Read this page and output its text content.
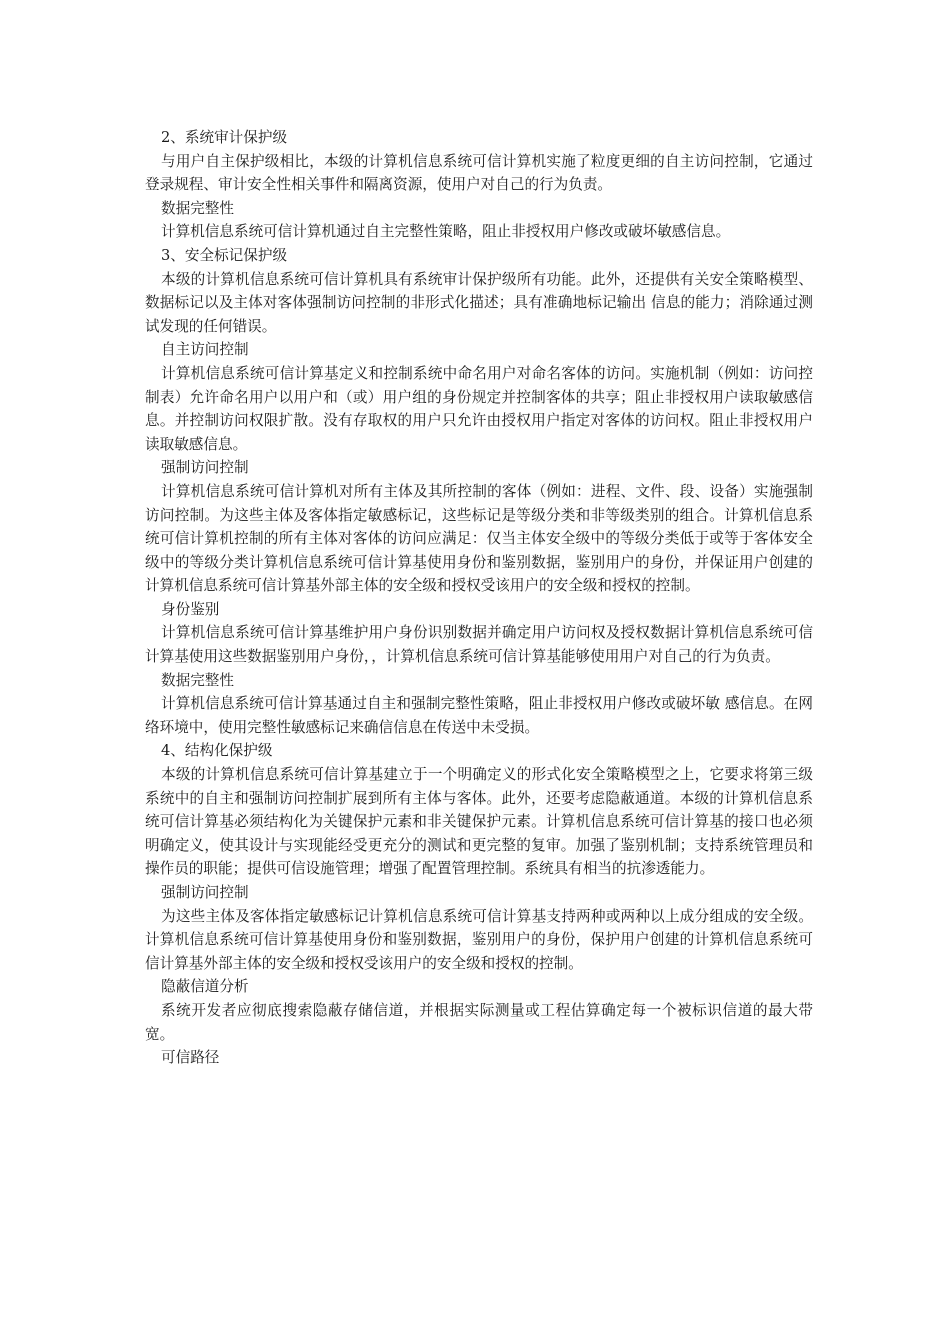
2、系统审计保护级

与用户自主保护级相比，本级的计算机信息系统可信计算机实施了粒度更细的自主访问控制，它通过登录规程、审计安全性相关事件和隔离资源，使用户对自己的行为负责。

数据完整性

计算机信息系统可信计算机通过自主完整性策略，阻止非授权用户修改或破坏敏感信息。

3、安全标记保护级

本级的计算机信息系统可信计算机具有系统审计保护级所有功能。此外，还提供有关安全策略模型、数据标记以及主体对客体强制访问控制的非形式化描述；具有准确地标记输出 信息的能力；消除通过测试发现的任何错误。

自主访问控制

计算机信息系统可信计算基定义和控制系统中命名用户对命名客体的访问。实施机制（例如：访问控制表）允许命名用户以用户和（或）用户组的身份规定并控制客体的共享；阻止非授权用户读取敏感信息。并控制访问权限扩散。没有存取权的用户只允许由授权用户指定对客体的访问权。阻止非授权用户读取敏感信息。

强制访问控制

计算机信息系统可信计算机对所有主体及其所控制的客体（例如：进程、文件、段、设备）实施强制访问控制。为这些主体及客体指定敏感标记，这些标记是等级分类和非等级类别的组合。计算机信息系统可信计算机控制的所有主体对客体的访问应满足：仅当主体安全级中的等级分类低于或等于客体安全级中的等级分类计算机信息系统可信计算基使用身份和鉴别数据，鉴别用户的身份，并保证用户创建的计算机信息系统可信计算基外部主体的安全级和授权受该用户的安全级和授权的控制。

身份鉴别

计算机信息系统可信计算基维护用户身份识别数据并确定用户访问权及授权数据计算机信息系统可信计算基使用这些数据鉴别用户身份，，计算机信息系统可信计算基能够使用用户对自己的行为负责。

数据完整性

计算机信息系统可信计算基通过自主和强制完整性策略，阻止非授权用户修改或破坏敏 感信息。在网络环境中，使用完整性敏感标记来确信信息在传送中未受损。

4、结构化保护级

本级的计算机信息系统可信计算基建立于一个明确定义的形式化安全策略模型之上，它要求将第三级系统中的自主和强制访问控制扩展到所有主体与客体。此外，还要考虑隐蔽通道。本级的计算机信息系统可信计算基必须结构化为关键保护元素和非关键保护元素。计算机信息系统可信计算基的接口也必须明确定义，使其设计与实现能经受更充分的测试和更完整的复审。加强了鉴别机制；支持系统管理员和操作员的职能；提供可信设施管理；增强了配置管理控制。系统具有相当的抗渗透能力。

强制访问控制

为这些主体及客体指定敏感标记计算机信息系统可信计算基支持两种或两种以上成分组成的安全级。计算机信息系统可信计算基使用身份和鉴别数据，鉴别用户的身份，保护用户创建的计算机信息系统可信计算基外部主体的安全级和授权受该用户的安全级和授权的控制。

隐蔽信道分析

系统开发者应彻底搜索隐蔽存储信道，并根据实际测量或工程估算确定每一个被标识信道的最大带宽。

可信路径
